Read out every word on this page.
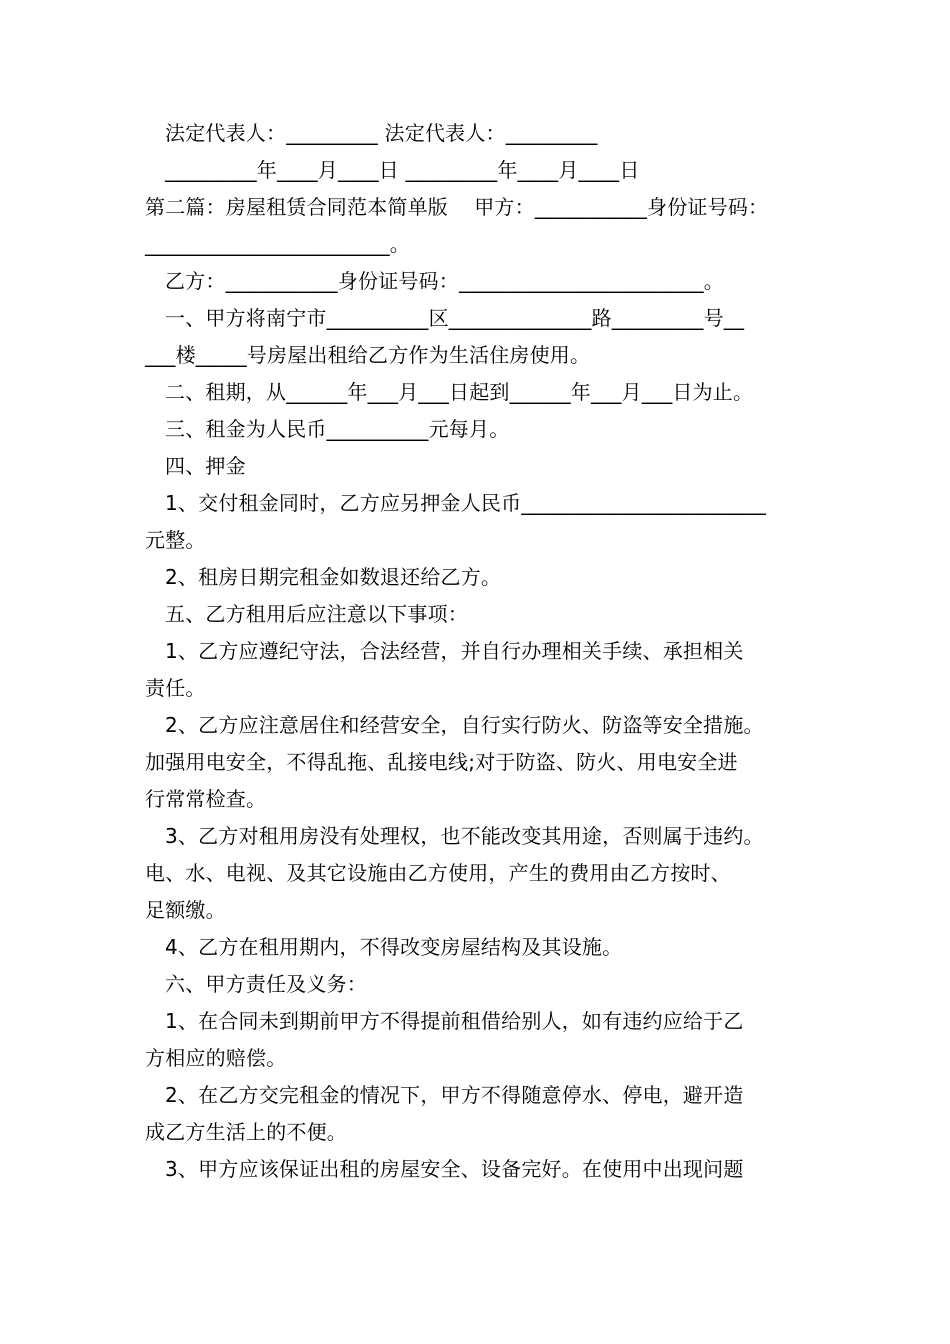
法定代表人：_________ 法定代表人：_________
_________年____月____日 _________年____月____日
第二篇：房屋租赁合同范本简单版    甲方：___________身份证号码：
________________________。
乙方：___________身份证号码：________________________。
一、甲方将南宁市__________区______________路_________号__
___楼_____号房屋出租给乙方作为生活住房使用。
二、租期，从______年___月___日起到______年___月___日为止。
三、租金为人民币__________元每月。
四、押金
1、交付租金同时，乙方应另押金人民币________________________
元整。
2、租房日期完租金如数退还给乙方。
五、乙方租用后应注意以下事项：
1、乙方应遵纪守法，合法经营，并自行办理相关手续、承担相关
责任。
2、乙方应注意居住和经营安全，自行实行防火、防盗等安全措施。
加强用电安全，不得乱拖、乱接电线;对于防盗、防火、用电安全进
行常常检查。
3、乙方对租用房没有处理权，也不能改变其用途，否则属于违约。
电、水、电视、及其它设施由乙方使用，产生的费用由乙方按时、
足额缴。
4、乙方在租用期内，不得改变房屋结构及其设施。
六、甲方责任及义务：
1、在合同未到期前甲方不得提前租借给别人，如有违约应给于乙
方相应的赔偿。
2、在乙方交完租金的情况下，甲方不得随意停水、停电，避开造
成乙方生活上的不便。
3、甲方应该保证出租的房屋安全、设备完好。在使用中出现问题
